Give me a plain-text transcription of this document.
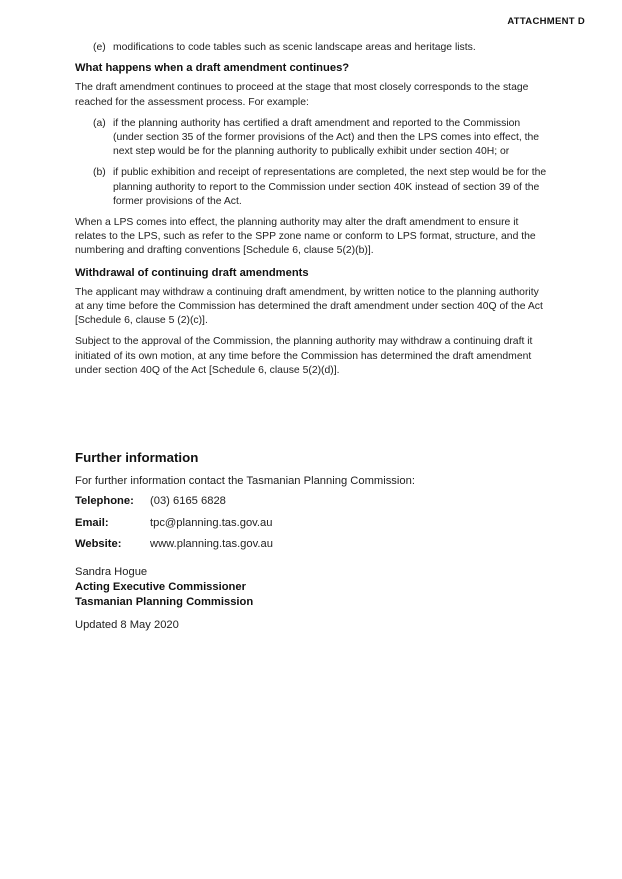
ATTACHMENT D
(e) modifications to code tables such as scenic landscape areas and heritage lists.
What happens when a draft amendment continues?

The draft amendment continues to proceed at the stage that most closely corresponds to the stage reached for the assessment process. For example:

(a) if the planning authority has certified a draft amendment and reported to the Commission (under section 35 of the former provisions of the Act) and then the LPS comes into effect, the next step would be for the planning authority to publically exhibit under section 40H; or
(b) if public exhibition and receipt of representations are completed, the next step would be for the planning authority to report to the Commission under section 40K instead of section 39 of the former provisions of the Act.

When a LPS comes into effect, the planning authority may alter the draft amendment to ensure it relates to the LPS, such as refer to the SPP zone name or conform to LPS format, structure, and the numbering and drafting conventions [Schedule 6, clause 5(2)(b)].

Withdrawal of continuing draft amendments

The applicant may withdraw a continuing draft amendment, by written notice to the planning authority at any time before the Commission has determined the draft amendment under section 40Q of the Act [Schedule 6, clause 5 (2)(c)].

Subject to the approval of the Commission, the planning authority may withdraw a continuing draft it initiated of its own motion, at any time before the Commission has determined the draft amendment under section 40Q of the Act [Schedule 6, clause 5(2)(d)].

Further information
For further information contact the Tasmanian Planning Commission:
Telephone:	(03) 6165 6828
Email:	tpc@planning.tas.gov.au
Website:	www.planning.tas.gov.au
Sandra Hogue
Acting Executive Commissioner
Tasmanian Planning Commission
Updated 8 May 2020
